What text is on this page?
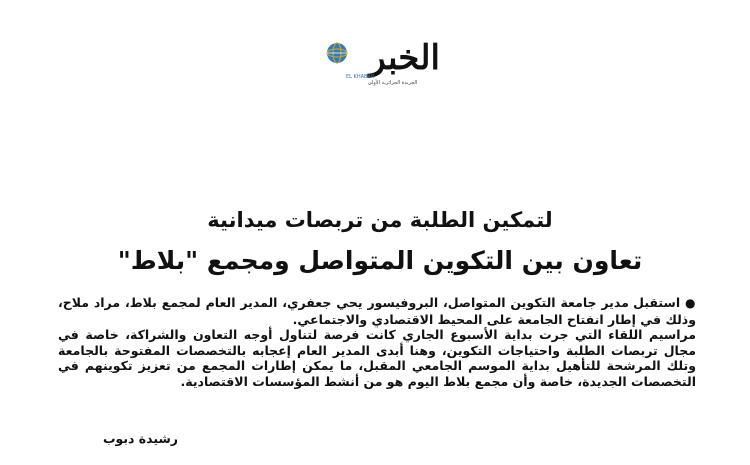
الخبر
EL KHABAR
الجريدة الجزائرية الأولى
لتمكين الطلبة من تربصات ميدانية
تعاون بين التكوين المتواصل ومجمع "بلاط"

● استقبل مدير جامعة التكوين المتواصل، البروفيسور يحي جعفري، المدير العام لمجمع بلاط، مراد ملاح، وذلك في إطار انفتاح الجامعة على المحيط الاقتصادي والاجتماعي.

مراسيم اللقاء التي جرت بداية الأسبوع الجاري كانت فرصة لتناول أوجه التعاون والشراكة، خاصة في مجال تربصات الطلبة واحتياجات التكوين، وهنا أبدى المدير العام إعجابه بالتخصصات المفتوحة بالجامعة وتلك المرشحة للتأهيل بداية الموسم الجامعي المقبل، ما يمكن إطارات المجمع من تعزيز تكوينهم في التخصصات الجديدة، خاصة وأن مجمع بلاط اليوم هو من أنشط المؤسسات الاقتصادية.

رشيدة دبوب
